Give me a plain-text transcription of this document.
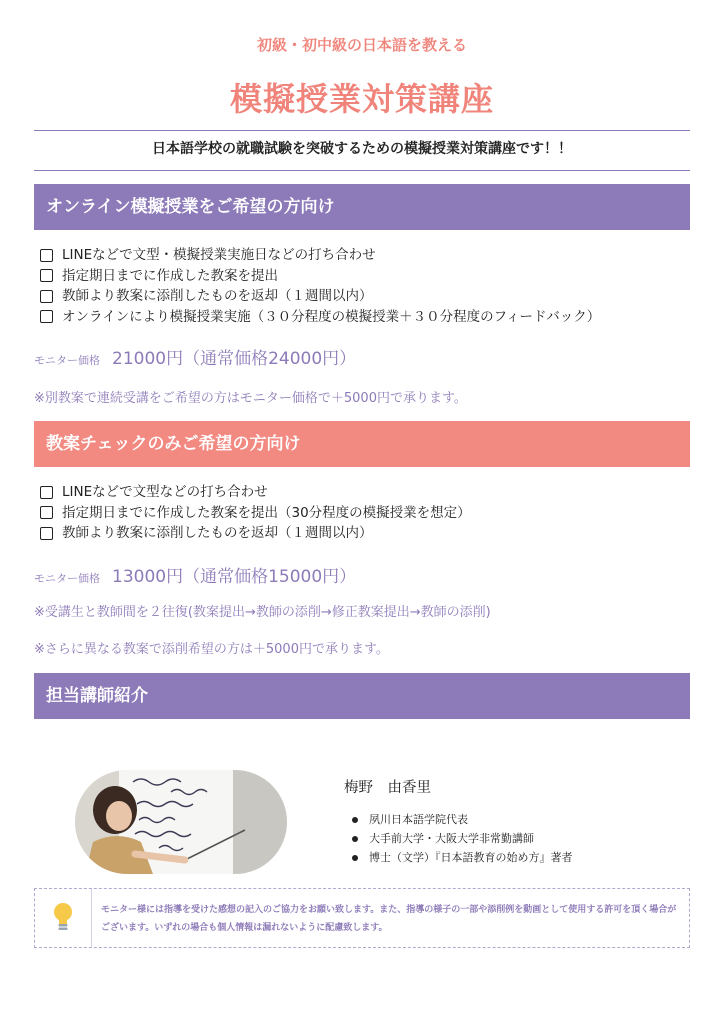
初級・初中級の日本語を教える
模擬授業対策講座
日本語学校の就職試験を突破するための模擬授業対策講座です！！
オンライン模擬授業をご希望の方向け
LINEなどで文型・模擬授業実施日などの打ち合わせ
指定期日までに作成した教案を提出
教師より教案に添削したものを返却（１週間以内）
オンラインにより模擬授業実施（３０分程度の模擬授業＋３０分程度のフィードバック）
モニター価格 21000円（通常価格24000円）
※別教案で連続受講をご希望の方はモニター価格で＋5000円で承ります。
教案チェックのみご希望の方向け
LINEなどで文型などの打ち合わせ
指定期日までに作成した教案を提出（30分程度の模擬授業を想定）
教師より教案に添削したものを返却（１週間以内）
モニター価格 13000円（通常価格15000円）
※受講生と教師間を２往復(教案提出→教師の添削→修正教案提出→教師の添削)
※さらに異なる教案で添削希望の方は＋5000円で承ります。
担当講師紹介
梅野　由香里
夙川日本語学院代表
大手前大学・大阪大学非常勤講師
博士（文学）『日本語教育の始め方』著者
モニター様には指導を受けた感想の記入のご協力をお願い致します。また、指導の様子の一部や添削例を動画として使用する許可を頂く場合がございます。いずれの場合も個人情報は漏れないように配慮致します。
